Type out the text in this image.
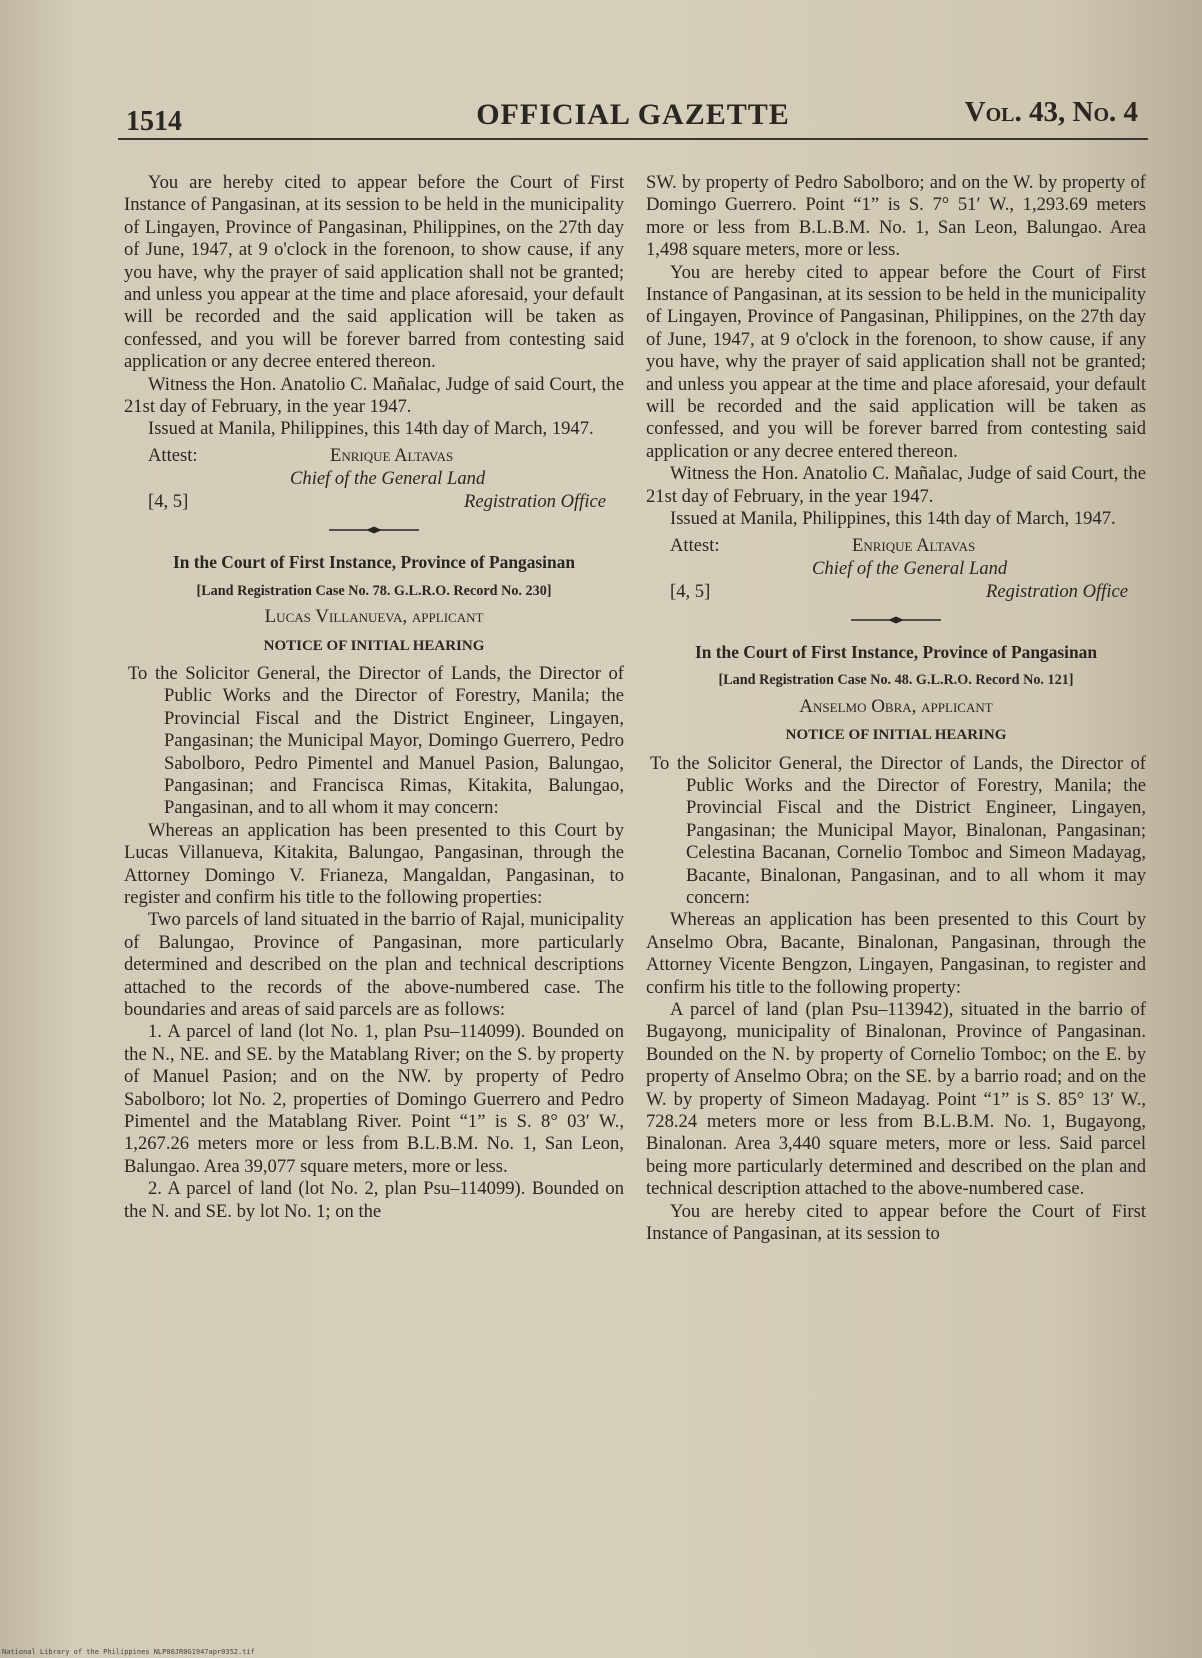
1514	OFFICIAL GAZETTE	Vol. 43, No. 4

You are hereby cited to appear before the Court of First Instance of Pangasinan, at its session to be held in the municipality of Lingayen, Province of Pangasinan, Philippines, on the 27th day of June, 1947, at 9 o'clock in the forenoon, to show cause, if any you have, why the prayer of said application shall not be granted; and unless you appear at the time and place aforesaid, your default will be recorded and the said application will be taken as confessed, and you will be forever barred from contesting said application or any decree entered thereon.

Witness the Hon. Anatolio C. Mañalac, Judge of said Court, the 21st day of February, in the year 1947.

Issued at Manila, Philippines, this 14th day of March, 1947.

Attest:	Enrique Altavas
Chief of the General Land
[4, 5]	Registration Office
In the Court of First Instance, Province of Pangasinan
[Land Registration Case No. 78. G.L.R.O. Record No. 230]
Lucas Villanueva, applicant
NOTICE OF INITIAL HEARING

To the Solicitor General, the Director of Lands, the Director of Public Works and the Director of Forestry, Manila; the Provincial Fiscal and the District Engineer, Lingayen, Pangasinan; the Municipal Mayor, Domingo Guerrero, Pedro Sabolboro, Pedro Pimentel and Manuel Pasion, Balungao, Pangasinan; and Francisca Rimas, Kitakita, Balungao, Pangasinan, and to all whom it may concern:

Whereas an application has been presented to this Court by Lucas Villanueva, Kitakita, Balungao, Pangasinan, through the Attorney Domingo V. Frianeza, Mangaldan, Pangasinan, to register and confirm his title to the following properties:

Two parcels of land situated in the barrio of Rajal, municipality of Balungao, Province of Pangasinan, more particularly determined and described on the plan and technical descriptions attached to the records of the above-numbered case. The boundaries and areas of said parcels are as follows:

1. A parcel of land (lot No. 1, plan Psu–114099). Bounded on the N., NE. and SE. by the Matablang River; on the S. by property of Manuel Pasion; and on the NW. by property of Pedro Sabolboro; lot No. 2, properties of Domingo Guerrero and Pedro Pimentel and the Matablang River. Point “1” is S. 8° 03′ W., 1,267.26 meters more or less from B.L.B.M. No. 1, San Leon, Balungao. Area 39,077 square meters, more or less.

2. A parcel of land (lot No. 2, plan Psu–114099). Bounded on the N. and SE. by lot No. 1; on the

SW. by property of Pedro Sabolboro; and on the W. by property of Domingo Guerrero. Point “1” is S. 7° 51′ W., 1,293.69 meters more or less from B.L.B.M. No. 1, San Leon, Balungao. Area 1,498 square meters, more or less.

You are hereby cited to appear before the Court of First Instance of Pangasinan, at its session to be held in the municipality of Lingayen, Province of Pangasinan, Philippines, on the 27th day of June, 1947, at 9 o'clock in the forenoon, to show cause, if any you have, why the prayer of said application shall not be granted; and unless you appear at the time and place aforesaid, your default will be recorded and the said application will be taken as confessed, and you will be forever barred from contesting said application or any decree entered thereon.

Witness the Hon. Anatolio C. Mañalac, Judge of said Court, the 21st day of February, in the year 1947.

Issued at Manila, Philippines, this 14th day of March, 1947.

Attest:	Enrique Altavas
Chief of the General Land
[4, 5]	Registration Office
In the Court of First Instance, Province of Pangasinan
[Land Registration Case No. 48. G.L.R.O. Record No. 121]
Anselmo Obra, applicant
NOTICE OF INITIAL HEARING

To the Solicitor General, the Director of Lands, the Director of Public Works and the Director of Forestry, Manila; the Provincial Fiscal and the District Engineer, Lingayen, Pangasinan; the Municipal Mayor, Binalonan, Pangasinan; Celestina Bacanan, Cornelio Tomboc and Simeon Madayag, Bacante, Binalonan, Pangasinan, and to all whom it may concern:

Whereas an application has been presented to this Court by Anselmo Obra, Bacante, Binalonan, Pangasinan, through the Attorney Vicente Bengzon, Lingayen, Pangasinan, to register and confirm his title to the following property:

A parcel of land (plan Psu–113942), situated in the barrio of Bugayong, municipality of Binalonan, Province of Pangasinan. Bounded on the N. by property of Cornelio Tomboc; on the E. by property of Anselmo Obra; on the SE. by a barrio road; and on the W. by property of Simeon Madayag. Point “1” is S. 85° 13′ W., 728.24 meters more or less from B.L.B.M. No. 1, Bugayong, Binalonan. Area 3,440 square meters, more or less. Said parcel being more particularly determined and described on the plan and technical description attached to the above-numbered case.

You are hereby cited to appear before the Court of First Instance of Pangasinan, at its session to

National Library of the Philippines NLP00JR0G1947apr0352.tif
